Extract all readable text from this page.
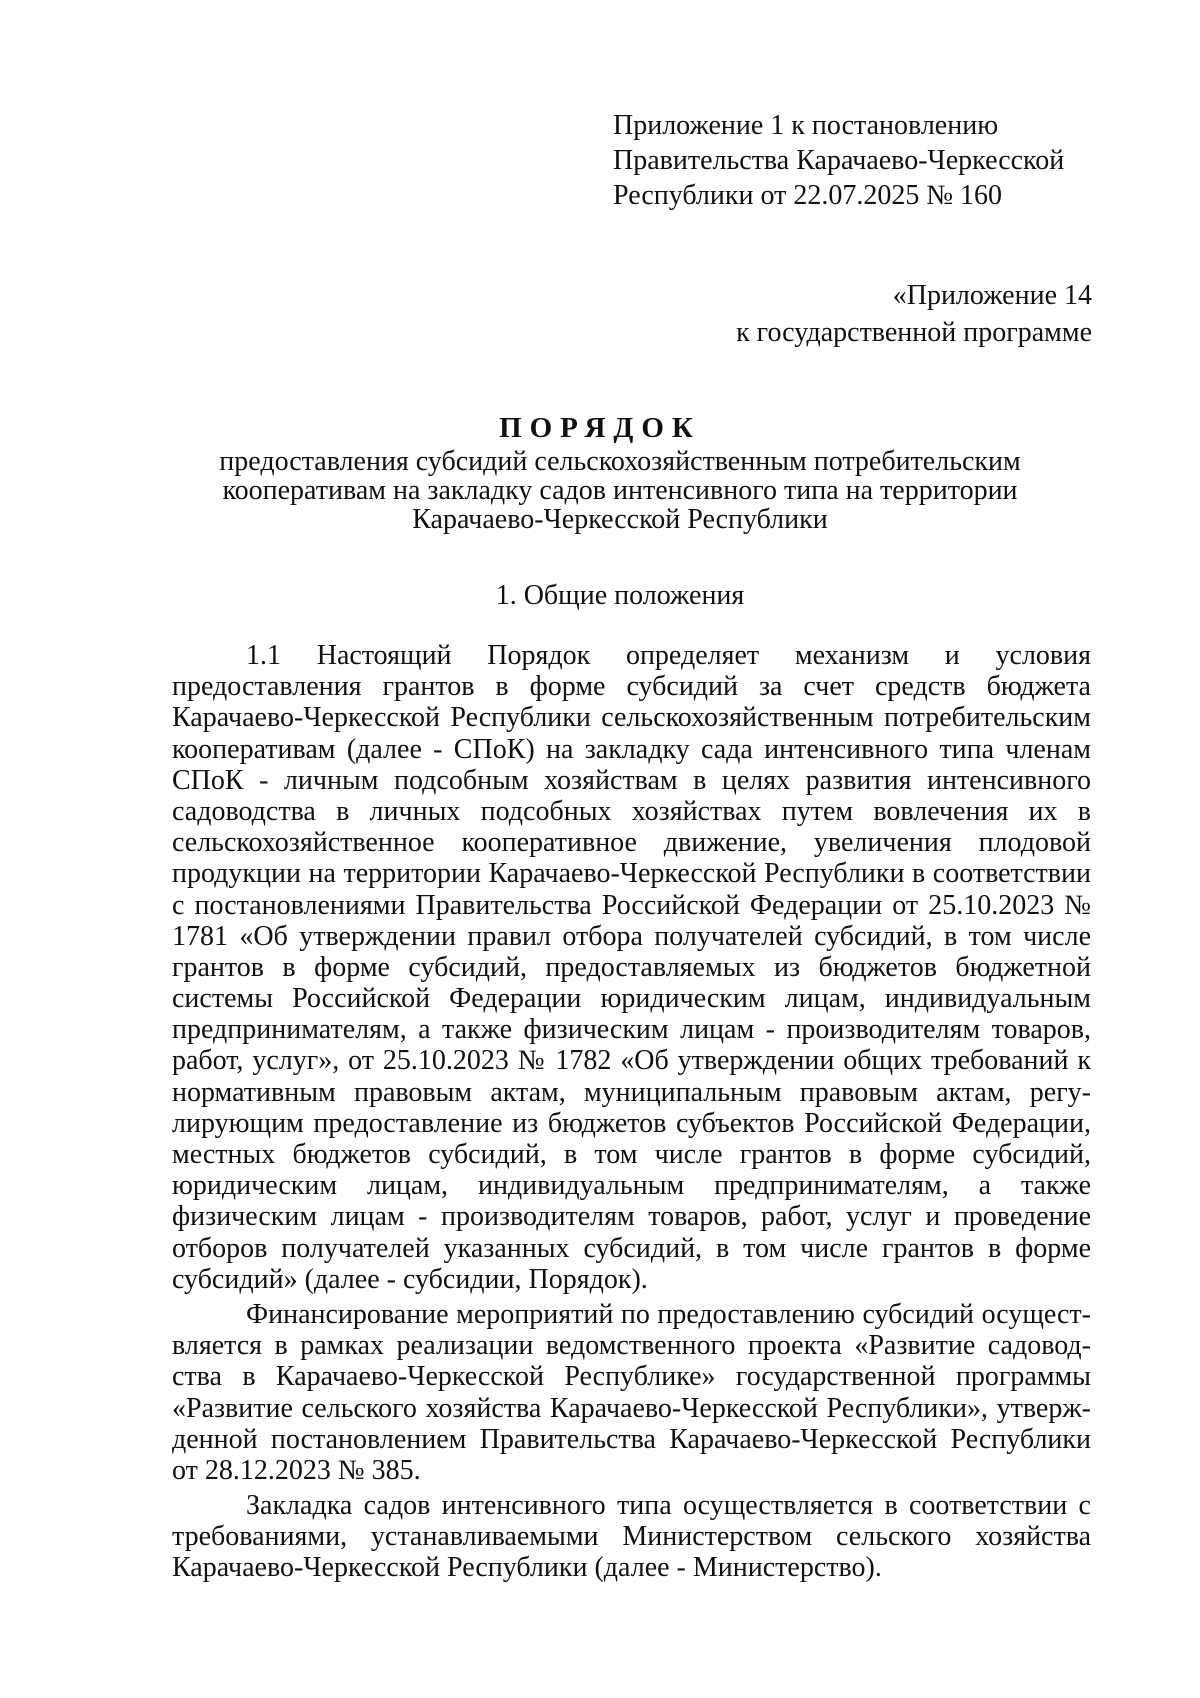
Приложение 1 к постановлению
Правительства Карачаево-Черкесской
Республики от 22.07.2025 № 160
«Приложение 14
к государственной программе
ПОРЯДОК
предоставления субсидий сельскохозяйственным потребительским
кооперативам на закладку садов интенсивного типа на территории
Карачаево-Черкесской Республики
1. Общие положения
1.1 Настоящий Порядок определяет механизм и условия
предоставления грантов в форме субсидий за счет средств бюджета
Карачаево-Черкесской Республики сельскохозяйственным потребительским
кооперативам (далее - СПоК) на закладку сада интенсивного типа членам
СПоК - личным подсобным хозяйствам в целях развития интенсивного
садоводства в личных подсобных хозяйствах путем вовлечения их в
сельскохозяйственное кооперативное движение, увеличения плодовой
продукции на территории Карачаево-Черкесской Республики в соответствии
с постановлениями Правительства Российской Федерации от 25.10.2023 №
1781 «Об утверждении правил отбора получателей субсидий, в том числе
грантов в форме субсидий, предоставляемых из бюджетов бюджетной
системы Российской Федерации юридическим лицам, индивидуальным
предпринимателям, а также физическим лицам - производителям товаров,
работ, услуг», от 25.10.2023 № 1782 «Об утверждении общих требований к
нормативным правовым актам, муниципальным правовым актам, регу-
лирующим предоставление из бюджетов субъектов Российской Федерации,
местных бюджетов субсидий, в том числе грантов в форме субсидий,
юридическим лицам, индивидуальным предпринимателям, а также
физическим лицам - производителям товаров, работ, услуг и проведение
отборов получателей указанных субсидий, в том числе грантов в форме
субсидий» (далее - субсидии, Порядок).
Финансирование мероприятий по предоставлению субсидий осущест-
вляется в рамках реализации ведомственного проекта «Развитие садовод-
ства в Карачаево-Черкесской Республике» государственной программы
«Развитие сельского хозяйства Карачаево-Черкесской Республики», утверж-
денной постановлением Правительства Карачаево-Черкесской Республики
от 28.12.2023 № 385.
Закладка садов интенсивного типа осуществляется в соответствии с
требованиями, устанавливаемыми Министерством сельского хозяйства
Карачаево-Черкесской Республики (далее - Министерство).
